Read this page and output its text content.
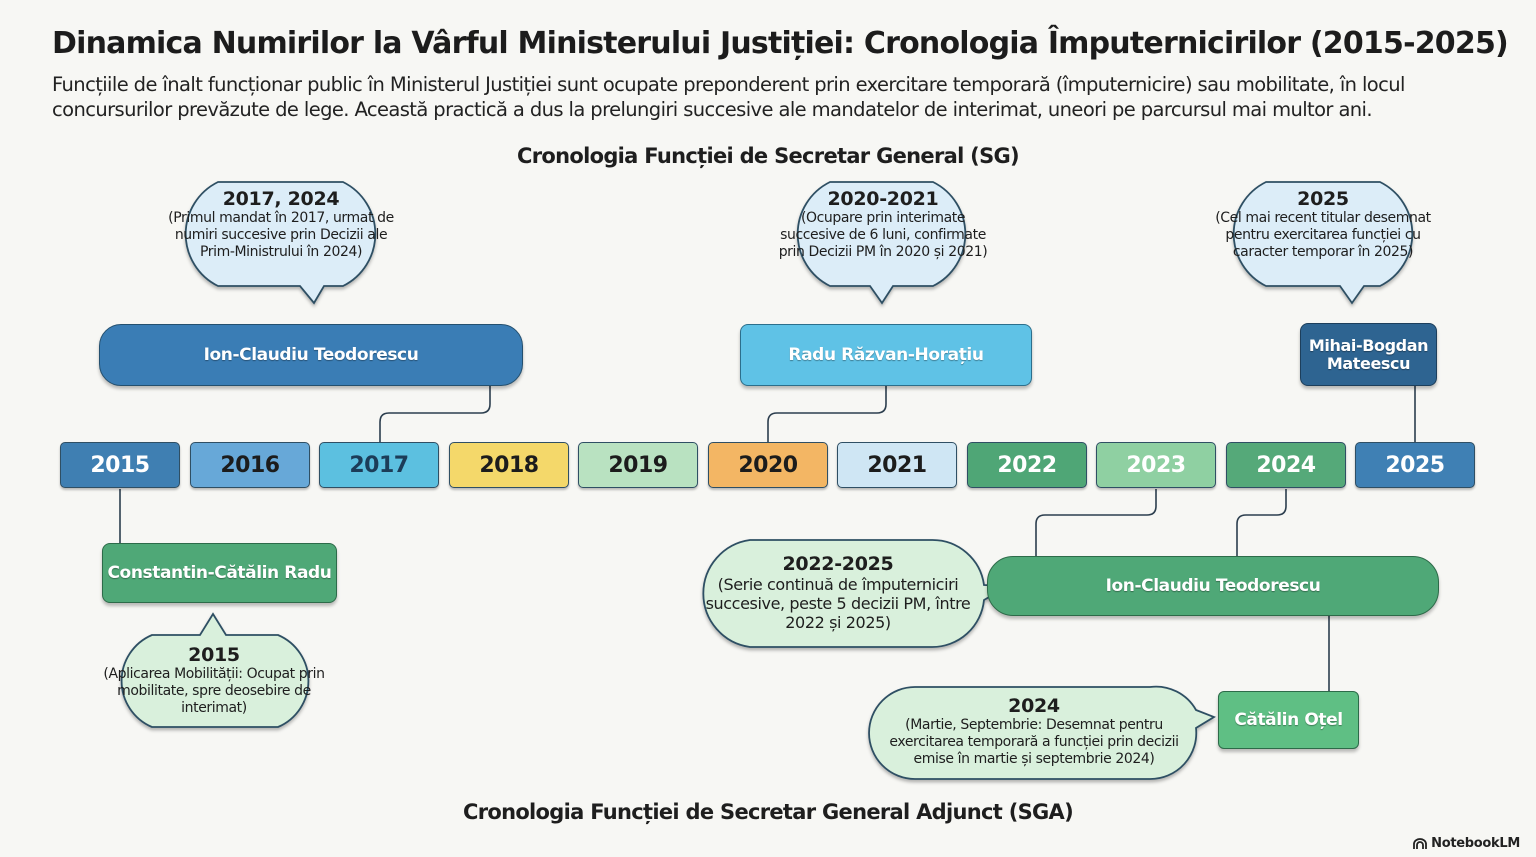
Dinamica Numirilor la Vârful Ministerului Justiției: Cronologia Împuternicirilor (2015-2025)
Funcțiile de înalt funcționar public în Ministerul Justiției sunt ocupate preponderent prin exercitare temporară (împuternicire) sau mobilitate, în locul concursurilor prevăzute de lege. Această practică a dus la prelungiri succesive ale mandatelor de interimat, uneori pe parcursul mai multor ani.
Cronologia Funcției de Secretar General (SG)
2017, 2024
(Primul mandat în 2017, urmat de numiri succesive prin Decizii ale Prim-Ministrului în 2024)
2020-2021
(Ocupare prin interimate succesive de 6 luni, confirmate prin Decizii PM în 2020 și 2021)
2025
(Cel mai recent titular desemnat pentru exercitarea funcției cu caracter temporar în 2025)
Ion-Claudiu Teodorescu	Radu Răzvan-Horațiu	Mihai-Bogdan Mateescu
2015	2016	2017	2018	2019	2020	2021	2022	2023	2024	2025
Constantin-Cătălin Radu
Ion-Claudiu Teodorescu
Cătălin Oțel
2015
(Aplicarea Mobilității: Ocupat prin mobilitate, spre deosebire de interimat)
2022-2025
(Serie continuă de împuterniciri succesive, peste 5 decizii PM, între 2022 și 2025)
2024
(Martie, Septembrie: Desemnat pentru exercitarea temporară a funcției prin decizii emise în martie și septembrie 2024)
Cronologia Funcției de Secretar General Adjunct (SGA)
NotebookLM
